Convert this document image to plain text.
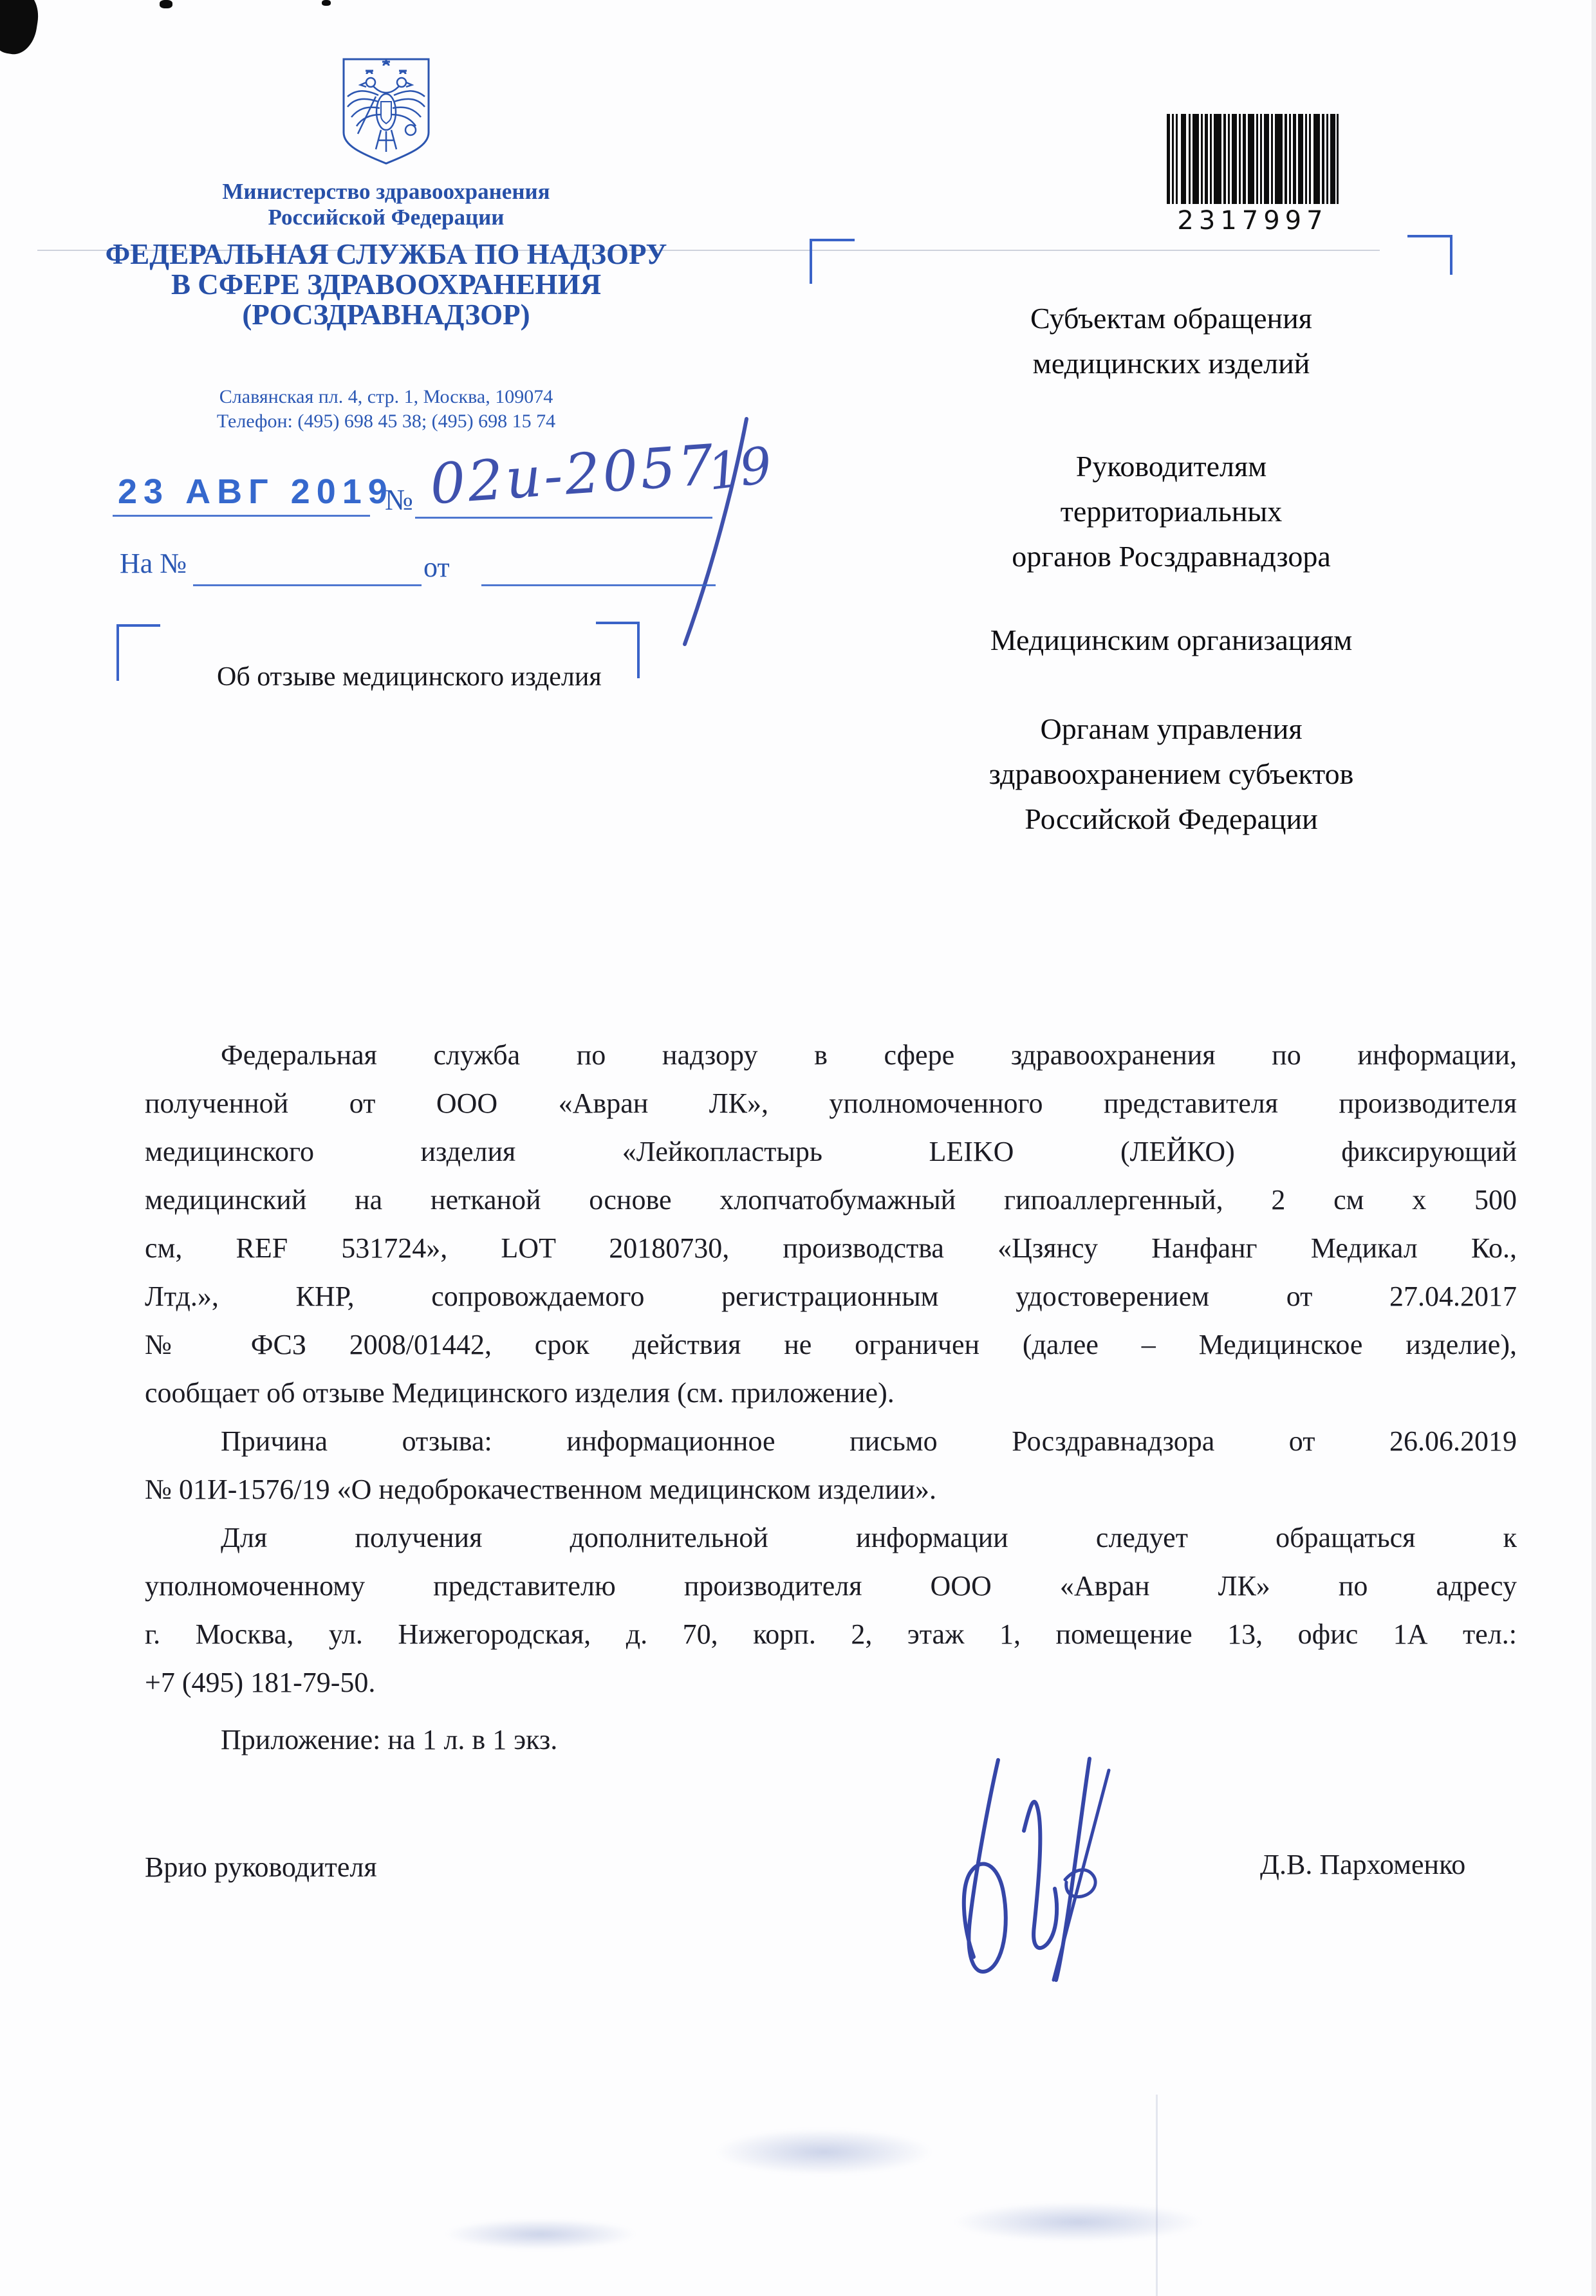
Министерство здравоохранения
Российской Федерации
ФЕДЕРАЛЬНАЯ СЛУЖБА ПО НАДЗОРУ
В СФЕРЕ ЗДРАВООХРАНЕНИЯ
(РОСЗДРАВНАДЗОР)
Славянская пл. 4, стр. 1, Москва, 109074
Телефон: (495) 698 45 38; (495) 698 15 74
2317997
23 АВГ 2019
№ 02и-2057
19
На №	от
Субъектам обращения
медицинских изделий
Руководителям
территориальных
органов Росздравнадзора
Медицинским организациям
Органам управления
здравоохранением субъектов
Российской Федерации
Об отзыве медицинского изделия
Федеральная служба по надзору в сфере здравоохранения по информации,
полученной от ООО «Авран ЛК», уполномоченного представителя производителя
медицинского изделия «Лейкопластырь LEIKO (ЛЕЙКО) фиксирующий
медицинский на нетканой основе хлопчатобумажный гипоаллергенный, 2 см х 500
см, REF 531724», LOT 20180730, производства «Цзянсу Нанфанг Медикал Ко.,
Лтд.», КНР, сопровождаемого регистрационным удостоверением от 27.04.2017
№ ФСЗ 2008/01442, срок действия не ограничен (далее – Медицинское изделие),
сообщает об отзыве Медицинского изделия (см. приложение).
Причина отзыва: информационное письмо Росздравнадзора от 26.06.2019
№ 01И-1576/19 «О недоброкачественном медицинском изделии».
Для получения дополнительной информации следует обращаться к
уполномоченному представителю производителя ООО «Авран ЛК» по адресу
г. Москва, ул. Нижегородская, д. 70, корп. 2, этаж 1, помещение 13, офис 1А тел.:
+7 (495) 181-79-50.
Приложение: на 1 л. в 1 экз.
Врио руководителя	Д.В. Пархоменко
